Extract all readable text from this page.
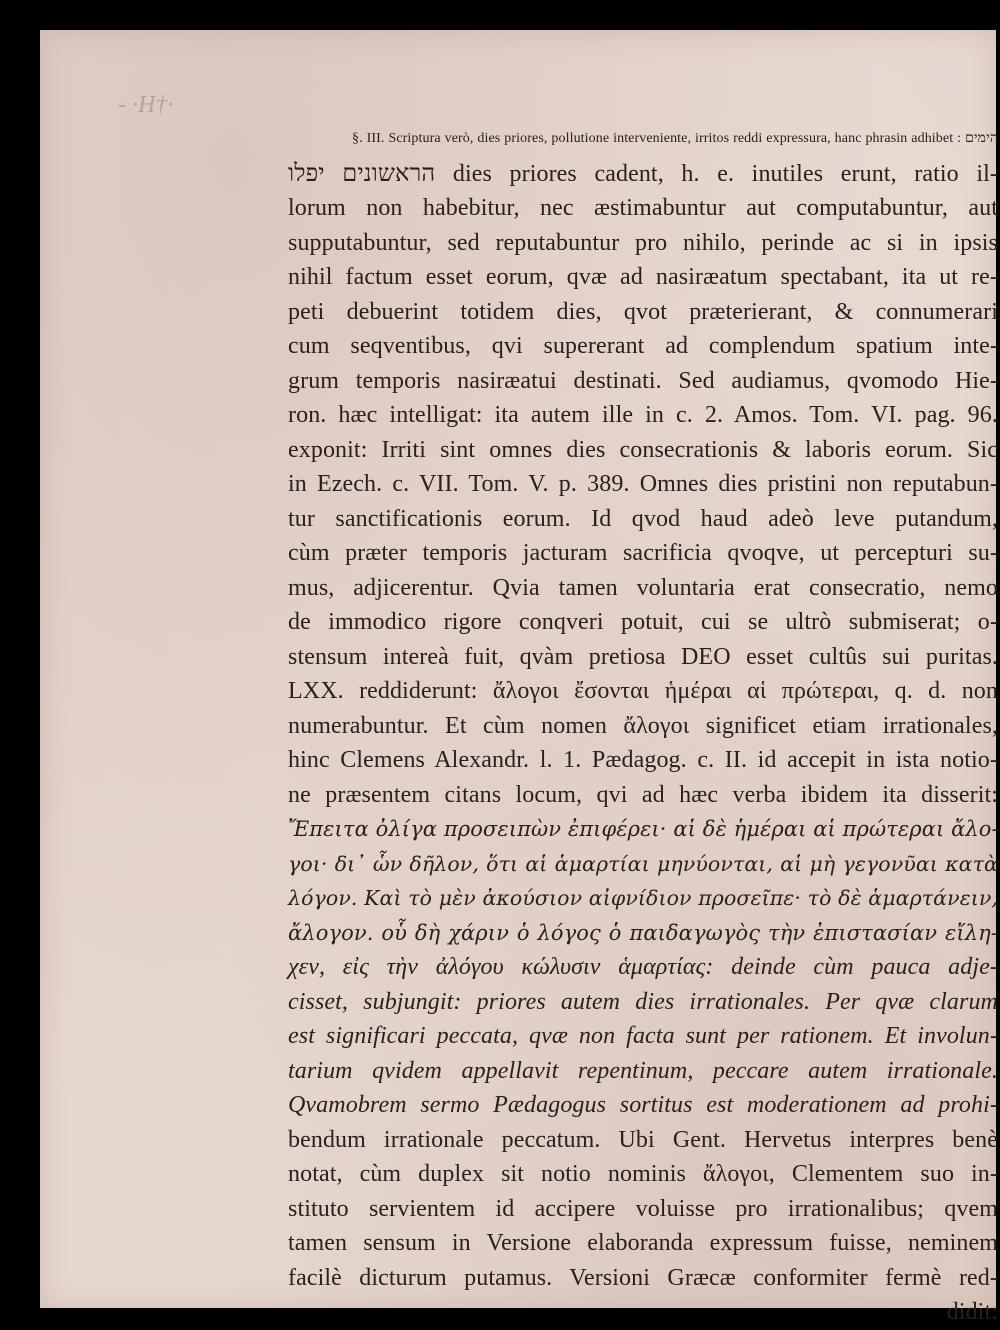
‐ ·H†·
§. III. Scriptura verò, dies priores, pollutione interveniente, irritos reddi expressura, hanc phrasin adhibet : הימים
הראשונים יפלו dies priores cadent, h. e. inutiles erunt, ratio il-
lorum non habebitur, nec æstimabuntur aut computabuntur, aut
supputabuntur, sed reputabuntur pro nihilo, perinde ac si in ipsis
nihil factum esset eorum, qvæ ad nasiræatum spectabant, ita ut re-
peti debuerint totidem dies, qvot præterierant, & connumerari
cum seqventibus, qvi supererant ad complendum spatium inte-
grum temporis nasiræatui destinati. Sed audiamus, qvomodo Hie-
ron. hæc intelligat: ita autem ille in c. 2. Amos. Tom. VI. pag. 96.
exponit: Irriti sint omnes dies consecrationis & laboris eorum. Sic
in Ezech. c. VII. Tom. V. p. 389. Omnes dies pristini non reputabun-
tur sanctificationis eorum. Id qvod haud adeò leve putandum,
cùm præter temporis jacturam sacrificia qvoqve, ut percepturi su-
mus, adjicerentur. Qvia tamen voluntaria erat consecratio, nemo
de immodico rigore conqveri potuit, cui se ultrò submiserat; o-
stensum intereà fuit, qvàm pretiosa DEO esset cultûs sui puritas.
LXX. reddiderunt: ἄλογοι ἔσονται ἡμέραι αἱ πρώτεραι, q. d. non
numerabuntur. Et cùm nomen ἄλογοι significet etiam irrationales,
hinc Clemens Alexandr. l. 1. Pædagog. c. II. id accepit in ista notio-
ne præsentem citans locum, qvi ad hæc verba ibidem ita disserit:
Ἔπειτα ὀλίγα προσειπὼν ἐπιφέρει· αἱ δὲ ἡμέραι αἱ πρώτεραι ἄλο-
γοι· δι᾽ ὧν δῆλον, ὅτι αἱ ἁμαρτίαι μηνύονται, αἱ μὴ γεγονῦαι κατὰ
λόγον. Καὶ τὸ μὲν ἀκούσιον αἰφνίδιον προσεῖπε· τὸ δὲ ἁμαρτάνειν,
ἄλογον. οὗ δὴ χάριν ὁ λόγος ὁ παιδαγωγὸς τὴν ἐπιστασίαν εἴλη-
χεν, εἰς τὴν ἀλόγου κώλυσιν ἁμαρτίας: deinde cùm pauca adje-
cisset, subjungit: priores autem dies irrationales. Per qvæ clarum
est significari peccata, qvæ non facta sunt per rationem. Et involun-
tarium qvidem appellavit repentinum, peccare autem irrationale.
Qvamobrem sermo Pædagogus sortitus est moderationem ad prohi-
bendum irrationale peccatum. Ubi Gent. Hervetus interpres benè
notat, cùm duplex sit notio nominis ἄλογοι, Clementem suo in-
stituto servientem id accipere voluisse pro irrationalibus; qvem
tamen sensum in Versione elaboranda expressum fuisse, neminem
facilè dicturum putamus. Versioni Græcæ conformiter fermè red-
didit:
